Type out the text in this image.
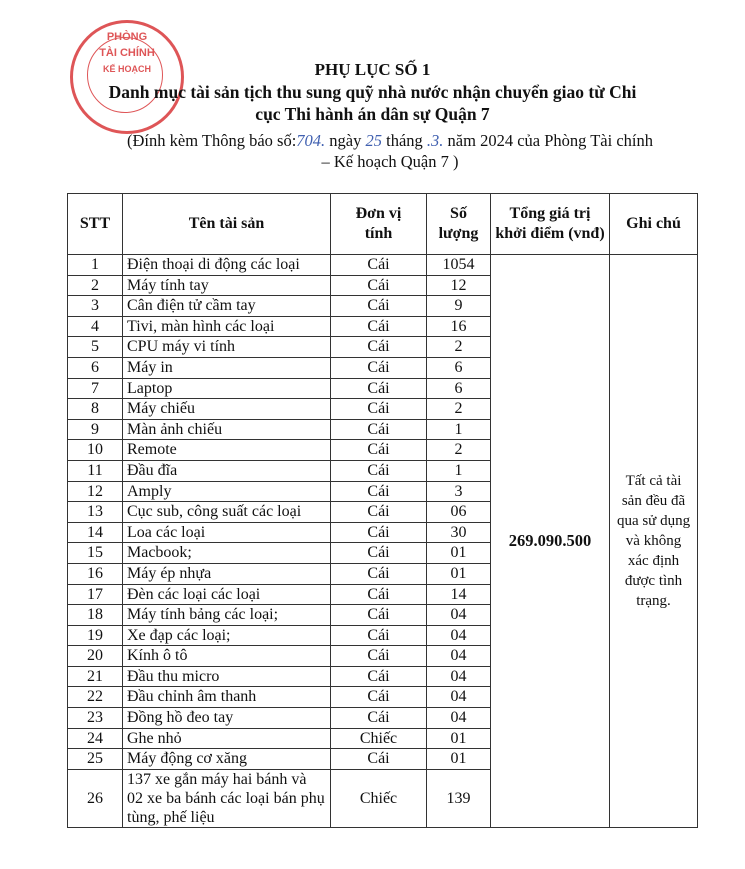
PHÒNG
TÀI CHÍNH
KẾ HOẠCH	PHỤ LỤC SỐ 1
Danh mục tài sản tịch thu sung quỹ nhà nước nhận chuyển giao từ Chi
cục Thi hành án dân sự Quận 7
(Đính kèm Thông báo số:704. ngày 25 tháng .3. năm 2024 của Phòng Tài chính
– Kế hoạch Quận 7 )
STT	Tên tài sản	Đơn vị tính	Số lượng	Tổng giá trị khởi điểm (vnđ)	Ghi chú
1	Điện thoại di động các loại	Cái	1054	269.090.500	Tất cả tài sản đều đã qua sử dụng và không xác định được tình trạng.
2	Máy tính tay	Cái	12		
3	Cân điện tử cầm tay	Cái	9		
4	Tivi, màn hình các loại	Cái	16		
5	CPU máy vi tính	Cái	2		
6	Máy in	Cái	6		
7	Laptop	Cái	6		
8	Máy chiếu	Cái	2		
9	Màn ảnh chiếu	Cái	1		
10	Remote	Cái	2		
11	Đầu đĩa	Cái	1		
12	Amply	Cái	3		
13	Cục sub, công suất các loại	Cái	06		
14	Loa các loại	Cái	30		
15	Macbook;	Cái	01		
16	Máy ép nhựa	Cái	01		
17	Đèn các loại các loại	Cái	14		
18	Máy tính bảng các loại;	Cái	04		
19	Xe đạp các loại;	Cái	04		
20	Kính ô tô	Cái	04		
21	Đầu thu micro	Cái	04		
22	Đầu chỉnh âm thanh	Cái	04		
23	Đồng hồ đeo tay	Cái	04		
24	Ghe nhỏ	Chiếc	01		
25	Máy động cơ xăng	Cái	01		
26	137 xe gắn máy hai bánh và 02 xe ba bánh các loại bán phụ tùng, phế liệu	Chiếc	139		
